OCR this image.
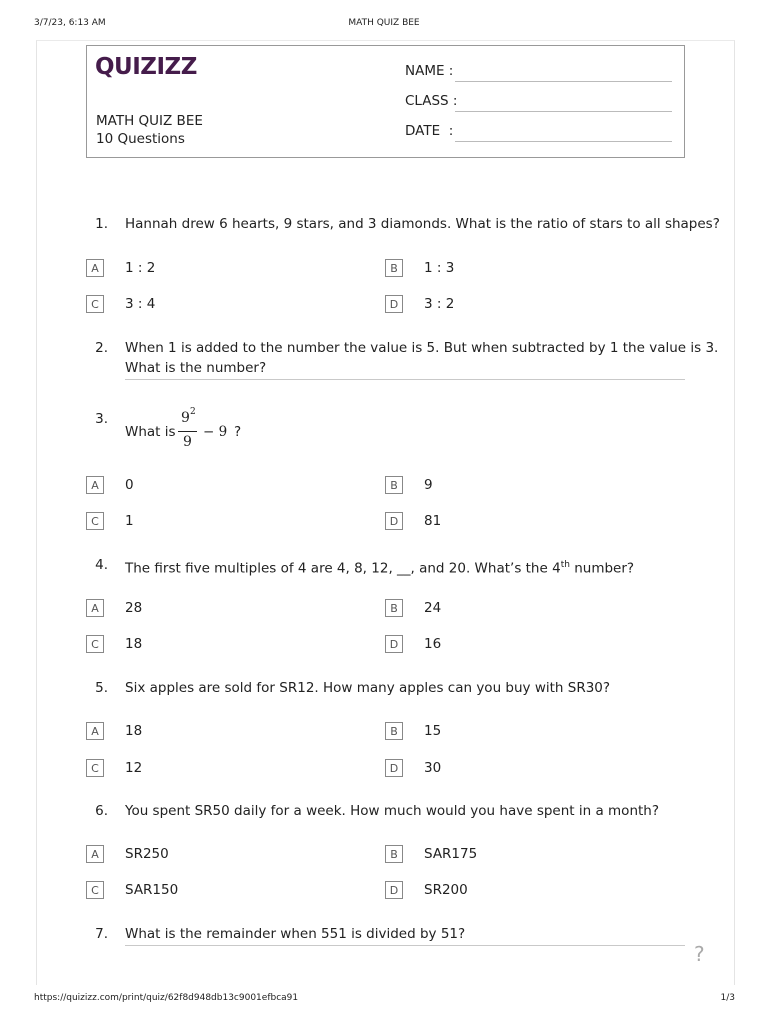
3/7/23, 6:13 AM	MATH QUIZ BEE
QUIZIZZ
MATH QUIZ BEE
10 Questions
NAME :
CLASS :
DATE  :
1. Hannah drew 6 hearts, 9 stars, and 3 diamonds. What is the ratio of stars to all shapes?
A	1 : 2	B	1 : 3
C	3 : 4	D	3 : 2
2. When 1 is added to the number the value is 5. But when subtracted by 1 the value is 3.
What is the number?
3.
What is
9 2
9
− 9 ?
A	0	B	9
C	1	D	81
4. The first five multiples of 4 are 4, 8, 12, __, and 20. What’s the 4th number?
A	28	B	24
C	18	D	16
5. Six apples are sold for SR12. How many apples can you buy with SR30?
A	18	B	15
C	12	D	30
6. You spent SR50 daily for a week. How much would you have spent in a month?
A	SR250	B	SAR175
C	SAR150	D	SR200
7. What is the remainder when 551 is divided by 51?
?
https://quizizz.com/print/quiz/62f8d948db13c9001efbca91	1/3
